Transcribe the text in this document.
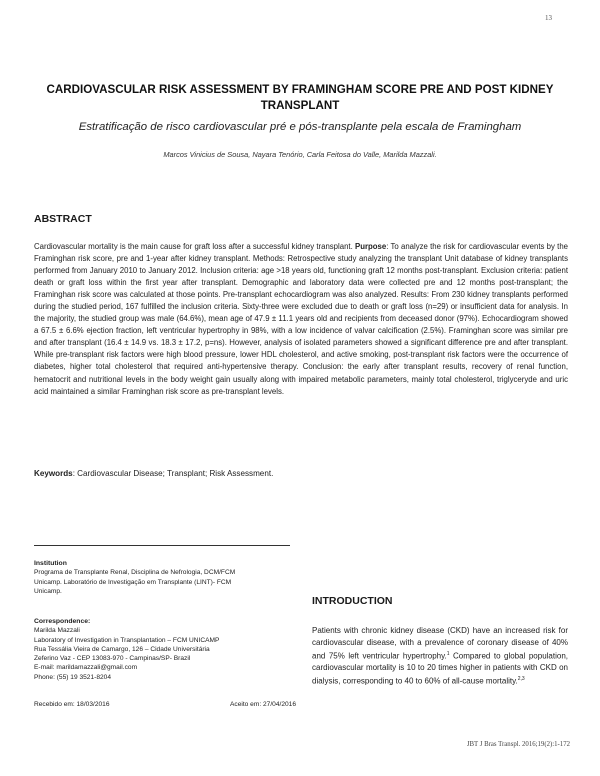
13
CARDIOVASCULAR RISK ASSESSMENT BY FRAMINGHAM SCORE PRE AND POST KIDNEY TRANSPLANT
Estratificação de risco cardiovascular pré e pós-transplante pela escala de Framingham
Marcos Vinicius de Sousa, Nayara Tenório, Carla Feitosa do Valle, Marilda Mazzali.
ABSTRACT
Cardiovascular mortality is the main cause for graft loss after a successful kidney transplant. Purpose: To analyze the risk for cardiovascular events by the Framinghan risk score, pre and 1-year after kidney transplant. Methods: Retrospective study analyzing the transplant Unit database of kidney transplants performed from January 2010 to January 2012. Inclusion criteria: age >18 years old, functioning graft 12 months post-transplant. Exclusion criteria: patient death or graft loss within the first year after transplant. Demographic and laboratory data were collected pre and 12 months post-transplant; the Framinghan risk score was calculated at those points. Pre-transplant echocardiogram was also analyzed. Results: From 230 kidney transplants performed during the studied period, 167 fulfilled the inclusion criteria. Sixty-three were excluded due to death or graft loss (n=29) or insufficient data for analysis. In the majority, the studied group was male (64.6%), mean age of 47.9 ± 11.1 years old and recipients from deceased donor (97%). Echocardiogram showed a 67.5 ± 6.6% ejection fraction, left ventricular hypertrophy in 98%, with a low incidence of valvar calcification (2.5%). Framinghan score was similar pre and after transplant (16.4 ± 14.9 vs. 18.3 ± 17.2, p=ns). However, analysis of isolated parameters showed a significant difference pre and after transplant. While pre-transplant risk factors were high blood pressure, lower HDL cholesterol, and active smoking, post-transplant risk factors were the occurrence of diabetes, higher total cholesterol that required anti-hypertensive therapy. Conclusion: the early after transplant results, recovery of renal function, hematocrit and nutritional levels in the body weight gain usually along with impaired metabolic parameters, mainly total cholesterol, triglyceryde and uric acid maintained a similar Framinghan risk score as pre-transplant levels.
Keywords: Cardiovascular Disease; Transplant; Risk Assessment.
Institution
Programa de Transplante Renal, Disciplina de Nefrologia, DCM/FCM
Unicamp. Laboratório de Investigação em Transplante (LINT)- FCM
Unicamp.
Correspondence:
Marilda Mazzali
Laboratory of Investigation in Transplantation – FCM UNICAMP
Rua Tessália Vieira de Camargo, 126 – Cidade Universitária
Zeferino Vaz - CEP 13083-970 - Campinas/SP- Brazil
E-mail: marildamazzali@gmail.com
Phone: (55) 19 3521-8204
Recebido em: 18/03/2016	Aceito em: 27/04/2016
INTRODUCTION
Patients with chronic kidney disease (CKD) have an increased risk for cardiovascular disease, with a prevalence of coronary disease of 40% and 75% left ventricular hypertrophy.$^1$ Compared to global population, cardiovascular mortality is 10 to 20 times higher in patients with CKD on dialysis, corresponding to 40 to 60% of all-cause mortality.$^{2,3}$
JBT J Bras Transpl. 2016;19(2):1-172
